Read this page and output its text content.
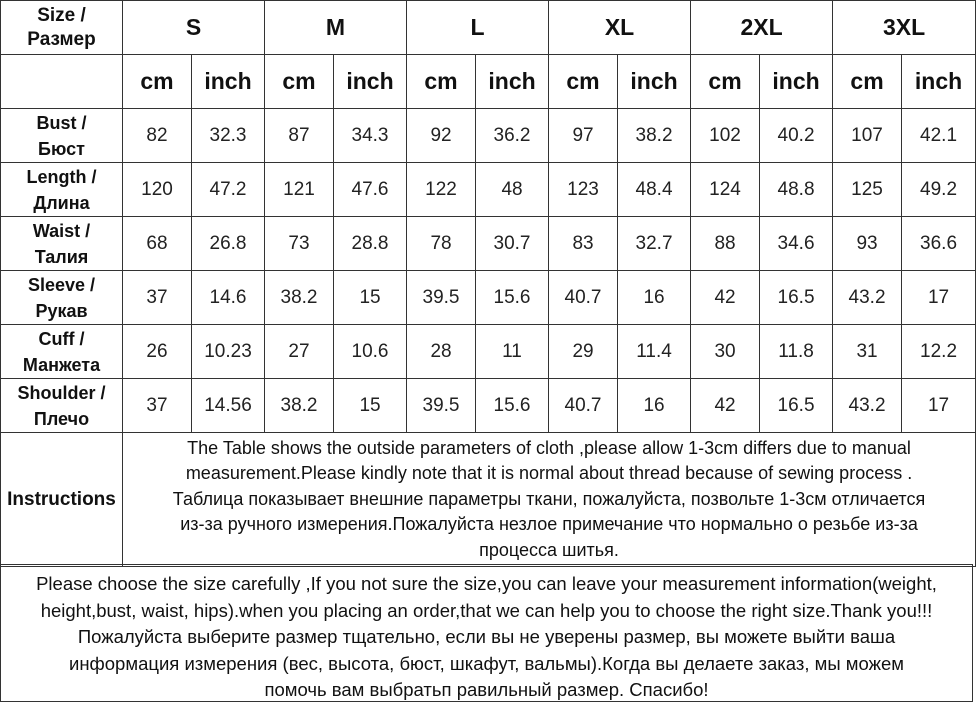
Size /
Размер	S		M		L		XL		2XL		3XL	
	cm	inch	cm	inch	cm	inch	cm	inch	cm	inch	cm	inch

Bust /
Бюст	82	32.3	87	34.3	92	36.2	97	38.2	102	40.2	107	42.1

Length /
Длина	120	47.2	121	47.6	122	48	123	48.4	124	48.8	125	49.2

Waist /
Талия	68	26.8	73	28.8	78	30.7	83	32.7	88	34.6	93	36.6

Sleeve /
Рукав	37	14.6	38.2	15	39.5	15.6	40.7	16	42	16.5	43.2	17

Cuff /
Манжета	26	10.23	27	10.6	28	11	29	11.4	30	11.8	31	12.2

Shoulder /
Плечо	37	14.56	38.2	15	39.5	15.6	40.7	16	42	16.5	43.2	17
Instructions	The Table shows the outside parameters of cloth ,please allow 1-3cm differs due to manual
measurement.Please kindly note that it is normal about thread because of sewing process .
Таблица показывает внешние параметры ткани, пожалуйста, позвольте 1-3см отличается
из-за ручного измерения.Пожалуйста незлое примечание что нормально о резьбе из-за
процесса шитья.											
Please choose the size carefully ,If you not sure the size,you can leave your measurement information(weight,
height,bust, waist, hips).when you placing an order,that we can help you to choose the right size.Thank you!!!
Пожалуйста выберите размер тщательно, если вы не уверены размер, вы можете выйти ваша
информация измерения (вес, высота, бюст, шкафут, вальмы).Когда вы делаете заказ, мы можем
помочь вам выбратьп равильный размер. Спасибо!
